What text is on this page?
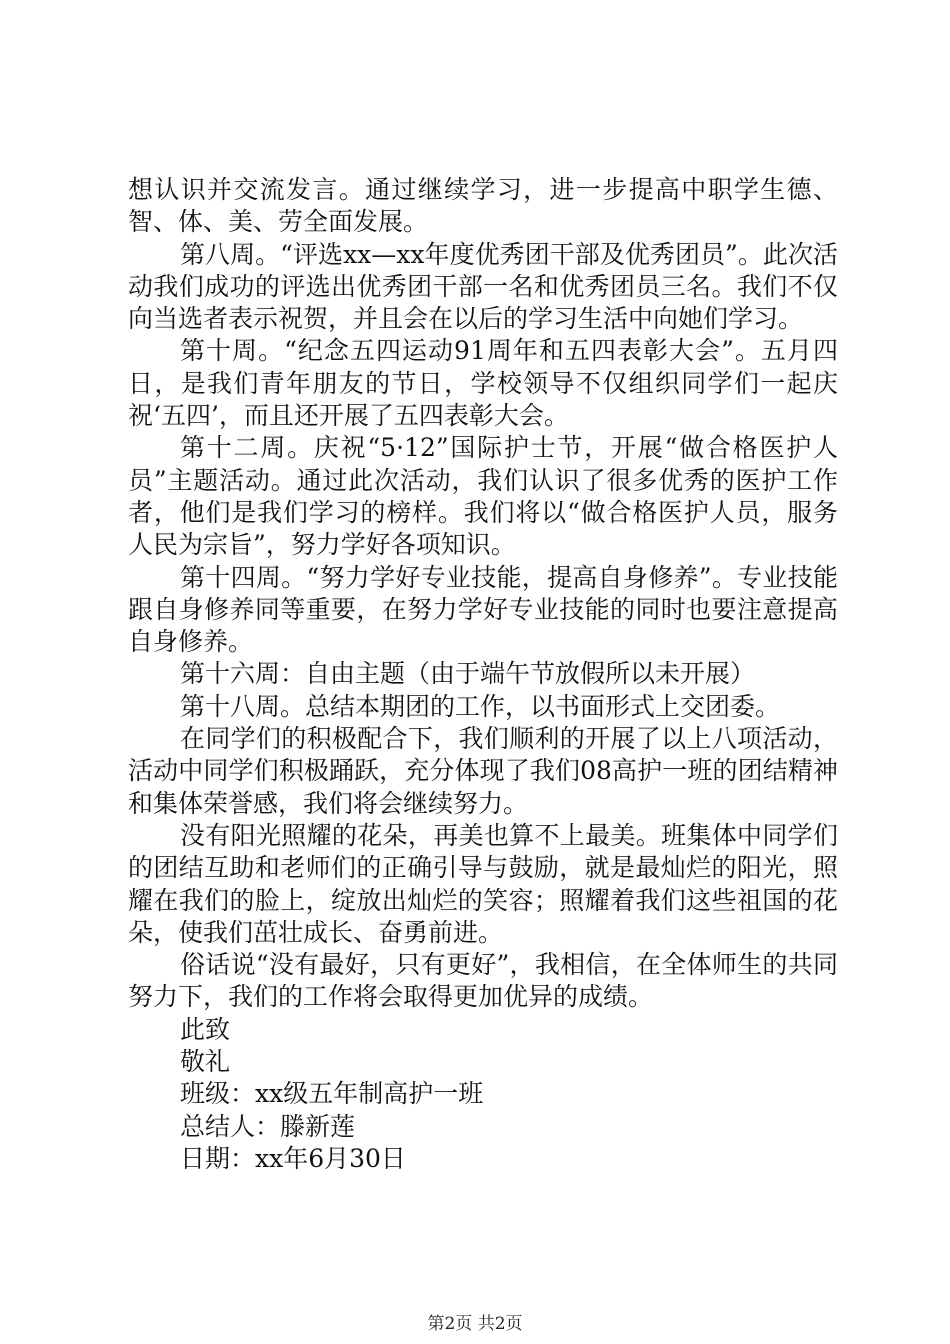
想认识并交流发言。通过继续学习，进一步提高中职学生德、智、体、美、劳全面发展。

第八周。“评选xx—xx年度优秀团干部及优秀团员”。此次活动我们成功的评选出优秀团干部一名和优秀团员三名。我们不仅向当选者表示祝贺，并且会在以后的学习生活中向她们学习。

第十周。“纪念五四运动91周年和五四表彰大会”。五月四日，是我们青年朋友的节日，学校领导不仅组织同学们一起庆祝‘五四’，而且还开展了五四表彰大会。

第十二周。庆祝“5·12”国际护士节，开展“做合格医护人员”主题活动。通过此次活动，我们认识了很多优秀的医护工作者，他们是我们学习的榜样。我们将以“做合格医护人员，服务人民为宗旨”，努力学好各项知识。

第十四周。“努力学好专业技能，提高自身修养”。专业技能跟自身修养同等重要，在努力学好专业技能的同时也要注意提高自身修养。

第十六周：自由主题（由于端午节放假所以未开展）

第十八周。总结本期团的工作，以书面形式上交团委。

在同学们的积极配合下，我们顺利的开展了以上八项活动，活动中同学们积极踊跃，充分体现了我们08高护一班的团结精神和集体荣誉感，我们将会继续努力。

没有阳光照耀的花朵，再美也算不上最美。班集体中同学们的团结互助和老师们的正确引导与鼓励，就是最灿烂的阳光，照耀在我们的脸上，绽放出灿烂的笑容；照耀着我们这些祖国的花朵，使我们茁壮成长、奋勇前进。

俗话说“没有最好，只有更好”，我相信，在全体师生的共同努力下，我们的工作将会取得更加优异的成绩。

此致

敬礼

班级：xx级五年制高护一班

总结人：滕新莲

日期：xx年6月30日

第2页 共2页
